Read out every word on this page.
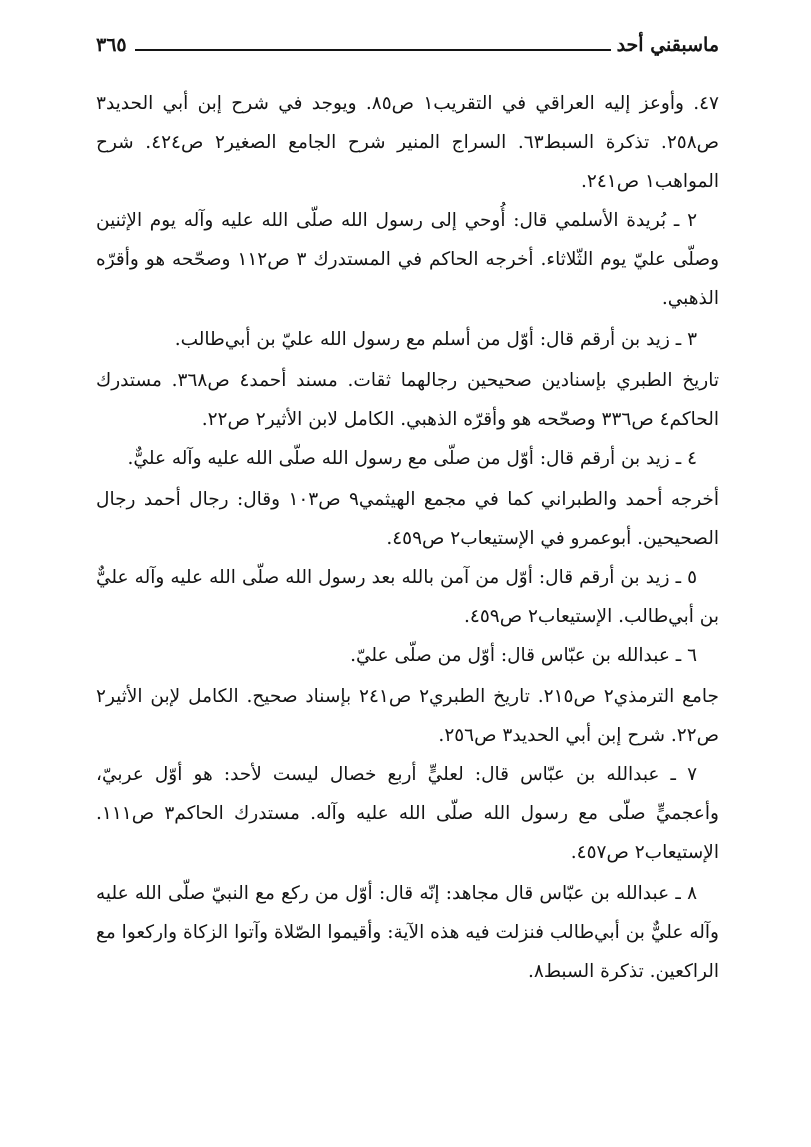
٣٦٥	ماسبقني أحد

٤٧. وأوعز إليه العراقي في التقريب١ ص٨٥. ويوجد في شرح إبن أبي الحديد٣ ص٢٥٨. تذكرة السبط٦٣. السراج المنير شرح الجامع الصغير٢ ص٤٢٤. شرح المواهب١ ص٢٤١.

٢ ـ بُريدة الأسلمي قال: أُوحي إلى رسول الله صلّى الله عليه وآله يوم الإثنين وصلّى عليّ يوم الثّلاثاء. أخرجه الحاكم في المستدرك ٣ ص١١٢ وصحّحه هو وأقرّه الذهبي.

٣ ـ زيد بن أرقم قال: أوّل من أسلم مع رسول الله عليّ بن أبي‌طالب.

تاريخ الطبري بإسنادين صحيحين رجالهما ثقات. مسند أحمد٤ ص٣٦٨. مستدرك الحاكم٤ ص٣٣٦ وصحّحه هو وأقرّه الذهبي. الكامل لابن الأثير٢ ص٢٢.

٤ ـ زيد بن أرقم قال: أوّل من صلّى مع رسول الله صلّى الله عليه وآله عليٌّ.

أخرجه أحمد والطبراني كما في مجمع الهيثمي٩ ص١٠٣ وقال: رجال أحمد رجال الصحيحين. أبوعمرو في الإستيعاب٢ ص٤٥٩.

٥ ـ زيد بن أرقم قال: أوّل من آمن بالله بعد رسول الله صلّى الله عليه وآله عليٌّ بن أبي‌طالب. الإستيعاب٢ ص٤٥٩.

٦ ـ عبدالله بن عبّاس قال: أوّل من صلّى عليّ.

جامع الترمذي٢ ص٢١٥. تاريخ الطبري٢ ص٢٤١ بإسناد صحيح. الكامل لإبن الأثير٢ ص٢٢. شرح إبن أبي الحديد٣ ص٢٥٦.

٧ ـ عبدالله بن عبّاس قال: لعليٍّ أربع خصال ليست لأحد: هو أوّل عربيّ، وأعجميٍّ صلّى مع رسول الله صلّى الله عليه وآله. مستدرك الحاكم٣ ص١١١. الإستيعاب٢ ص٤٥٧.

٨ ـ عبدالله بن عبّاس قال مجاهد: إنّه قال: أوّل من ركع مع النبيّ صلّى الله عليه وآله عليٌّ بن أبي‌طالب فنزلت فيه هذه الآية: وأقيموا الصّلاة وآتوا الزكاة واركعوا مع الراكعين. تذكرة السبط٨.
